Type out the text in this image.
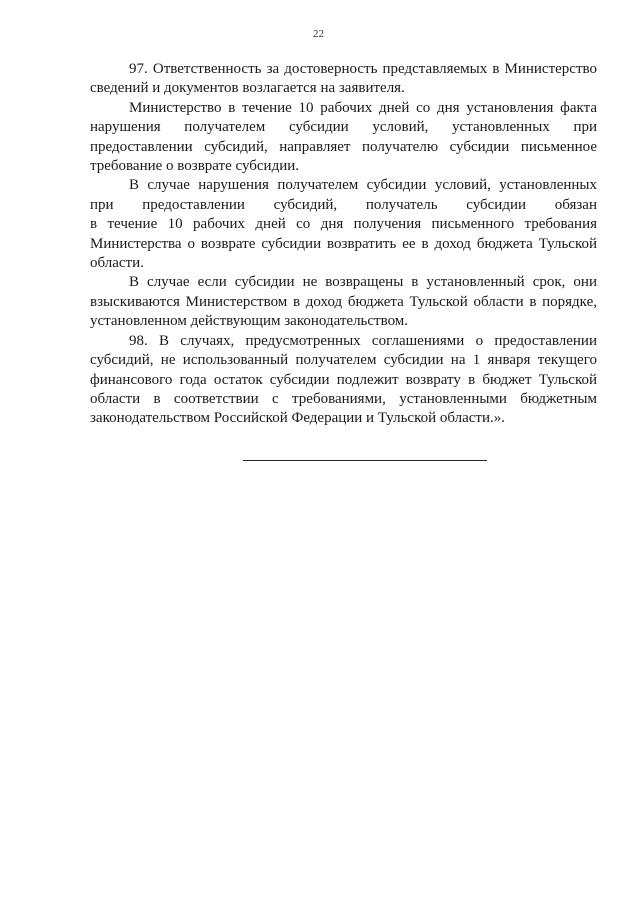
22

97. Ответственность за достоверность представляемых в Министерство
сведений и документов возлагается на заявителя.

Министерство в течение 10 рабочих дней со дня установления факта
нарушения получателем субсидии условий, установленных при
предоставлении субсидий, направляет получателю субсидии письменное
требование о возврате субсидии.

В случае нарушения получателем субсидии условий, установленных
при предоставлении субсидий, получатель субсидии обязан
в течение 10 рабочих дней со дня получения письменного требования
Министерства о возврате субсидии возвратить ее в доход бюджета Тульской
области.

В случае если субсидии не возвращены в установленный срок, они
взыскиваются Министерством в доход бюджета Тульской области в порядке,
установленном действующим законодательством.

98. В случаях, предусмотренных соглашениями о предоставлении
субсидий, не использованный получателем субсидии на 1 января текущего
финансового года остаток субсидии подлежит возврату в бюджет Тульской
области в соответствии с требованиями, установленными бюджетным
законодательством Российской Федерации и Тульской области.».
